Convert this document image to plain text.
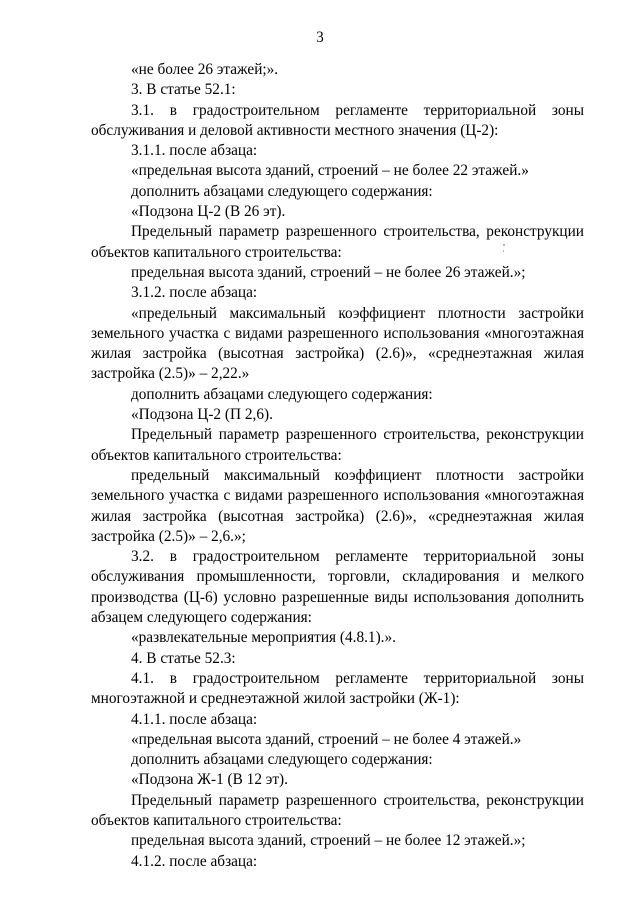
3

«не более 26 этажей;».

3. В статье 52.1:

3.1. в градостроительном регламенте территориальной зоны обслуживания и деловой активности местного значения (Ц-2):

3.1.1. после абзаца:

«предельная высота зданий, строений – не более 22 этажей.»

дополнить абзацами следующего содержания:

«Подзона Ц-2 (В 26 эт).

Предельный параметр разрешенного строительства, реконструкции объектов капитального строительства:

предельная высота зданий, строений – не более 26 этажей.»;

3.1.2. после абзаца:

«предельный максимальный коэффициент плотности застройки земельного участка с видами разрешенного использования «многоэтажная жилая застройка (высотная застройка) (2.6)», «среднеэтажная жилая застройка (2.5)» – 2,22.»

дополнить абзацами следующего содержания:

«Подзона Ц-2 (П 2,6).

Предельный параметр разрешенного строительства, реконструкции объектов капитального строительства:

предельный максимальный коэффициент плотности застройки земельного участка с видами разрешенного использования «многоэтажная жилая застройка (высотная застройка) (2.6)», «среднеэтажная жилая застройка (2.5)» – 2,6.»;

3.2. в градостроительном регламенте территориальной зоны обслуживания промышленности, торговли, складирования и мелкого производства (Ц-6) условно разрешенные виды использования дополнить абзацем следующего содержания:

«развлекательные мероприятия (4.8.1).».

4. В статье 52.3:

4.1. в градостроительном регламенте территориальной зоны многоэтажной и среднеэтажной жилой застройки (Ж-1):

4.1.1. после абзаца:

«предельная высота зданий, строений – не более 4 этажей.»

дополнить абзацами следующего содержания:

«Подзона Ж-1 (В 12 эт).

Предельный параметр разрешенного строительства, реконструкции объектов капитального строительства:

предельная высота зданий, строений – не более 12 этажей.»;

4.1.2. после абзаца:
